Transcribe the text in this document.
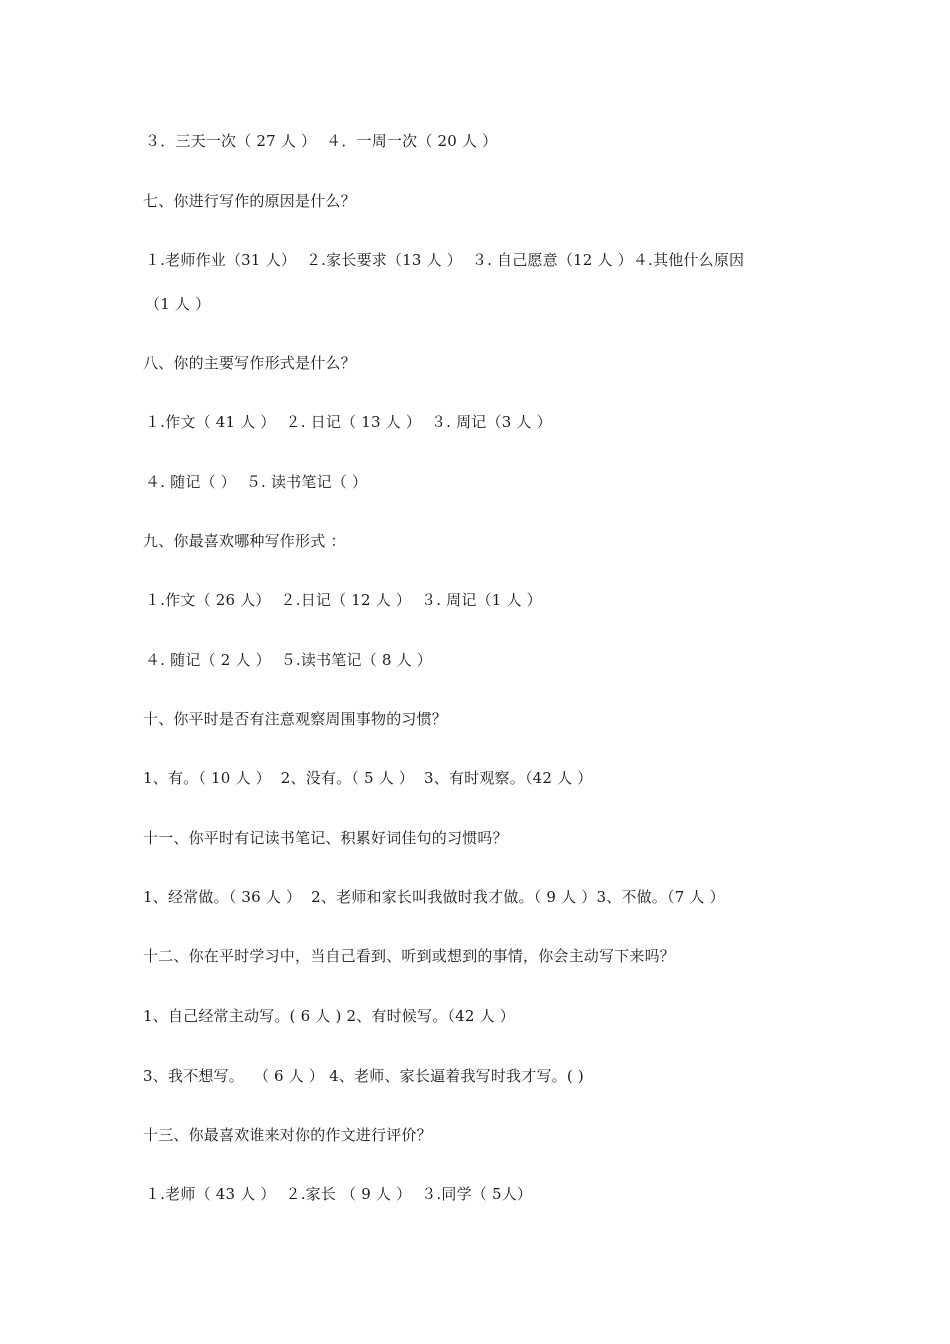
３．三天一次（ 27 人 ）  ４．一周一次（ 20 人 ）
七、你进行写作的原因是什么？
１.老师作业（31 人）  ２.家长要求（13 人 ）  ３. 自己愿意（12 人 ）４.其他什么原因
（1 人 ）
八、你的主要写作形式是什么？
１.作文（ 41 人 ）  ２. 日记（ 13 人 ）  ３. 周记（3 人 ）
４. 随记（ ）  ５. 读书笔记（ ）
九、你最喜欢哪种写作形式 ：
１.作文（ 26 人）  ２.日记（ 12 人 ）  ３. 周记（1 人 ）
４. 随记（ 2 人 ）  ５.读书笔记（ 8 人 ）
十、你平时是否有注意观察周围事物的习惯？
1、有。（ 10 人 ）  2、没有。（ 5 人 ）  3、有时观察。（42 人 ）
十一、你平时有记读书笔记、积累好词佳句的习惯吗？
1、经常做。（ 36 人 ）  2、老师和家长叫我做时我才做。（ 9 人 ）3、不做。（7 人 ）
十二、你在平时学习中，当自己看到、听到或想到的事情，你会主动写下来吗？
1、自己经常主动写。( 6 人 ) 2、有时候写。（42 人 ）
3、我不想写。  （ 6 人 ） 4、老师、家长逼着我写时我才写。( )
十三、你最喜欢谁来对你的作文进行评价？
１.老师（ 43 人 ）  ２.家长 （ 9 人 ）  ３.同学（ 5人）
